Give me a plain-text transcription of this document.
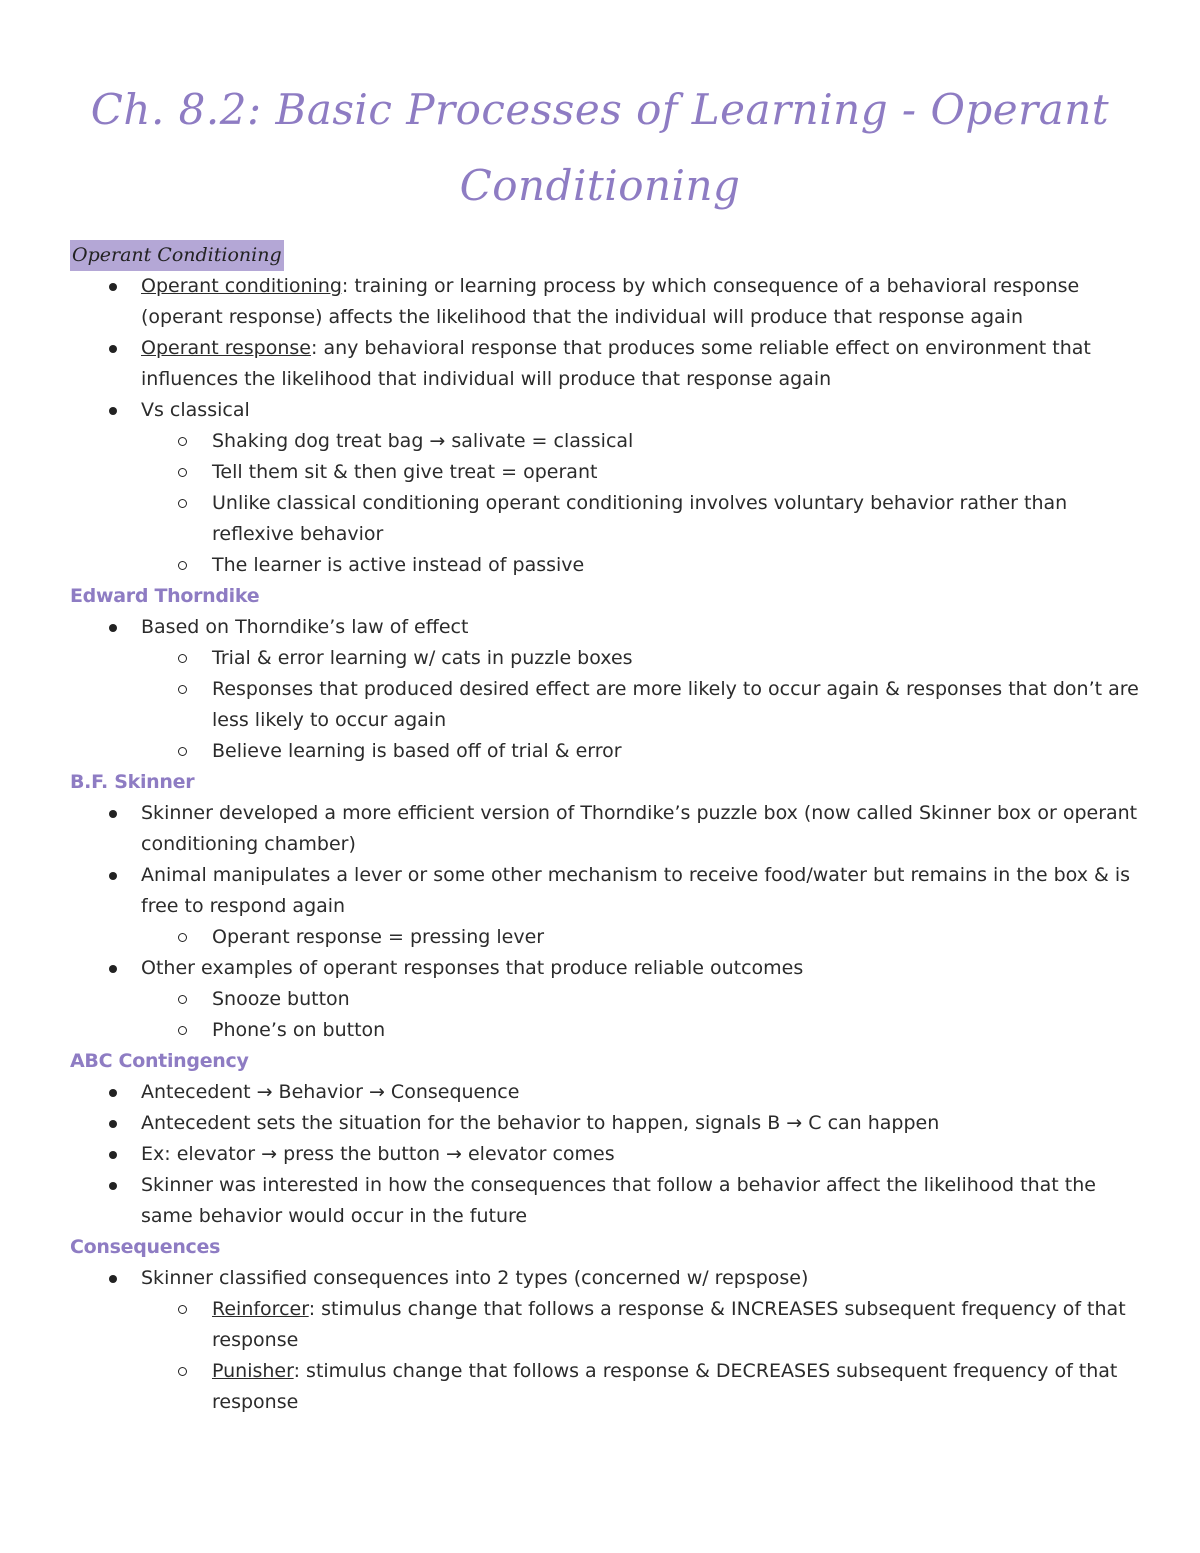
Ch. 8.2: Basic Processes of Learning - Operant
Conditioning
Operant Conditioning
Operant conditioning: training or learning process by which consequence of a behavioral response (operant response) affects the likelihood that the individual will produce that response again
Operant response: any behavioral response that produces some reliable effect on environment that influences the likelihood that individual will produce that response again
Vs classical
Shaking dog treat bag → salivate = classical
Tell them sit & then give treat = operant
Unlike classical conditioning operant conditioning involves voluntary behavior rather than reflexive behavior
The learner is active instead of passive
Edward Thorndike
Based on Thorndike’s law of effect
Trial & error learning w/ cats in puzzle boxes
Responses that produced desired effect are more likely to occur again & responses that don’t are less likely to occur again
Believe learning is based off of trial & error
B.F. Skinner
Skinner developed a more efficient version of Thorndike’s puzzle box (now called Skinner box or operant conditioning chamber)
Animal manipulates a lever or some other mechanism to receive food/water but remains in the box & is free to respond again
Operant response = pressing lever
Other examples of operant responses that produce reliable outcomes
Snooze button
Phone’s on button
ABC Contingency
Antecedent → Behavior → Consequence
Antecedent sets the situation for the behavior to happen, signals B → C can happen
Ex: elevator → press the button → elevator comes
Skinner was interested in how the consequences that follow a behavior affect the likelihood that the same behavior would occur in the future
Consequences
Skinner classified consequences into 2 types (concerned w/ repspose)
Reinforcer: stimulus change that follows a response & INCREASES subsequent frequency of that response
Punisher: stimulus change that follows a response & DECREASES subsequent frequency of that response
